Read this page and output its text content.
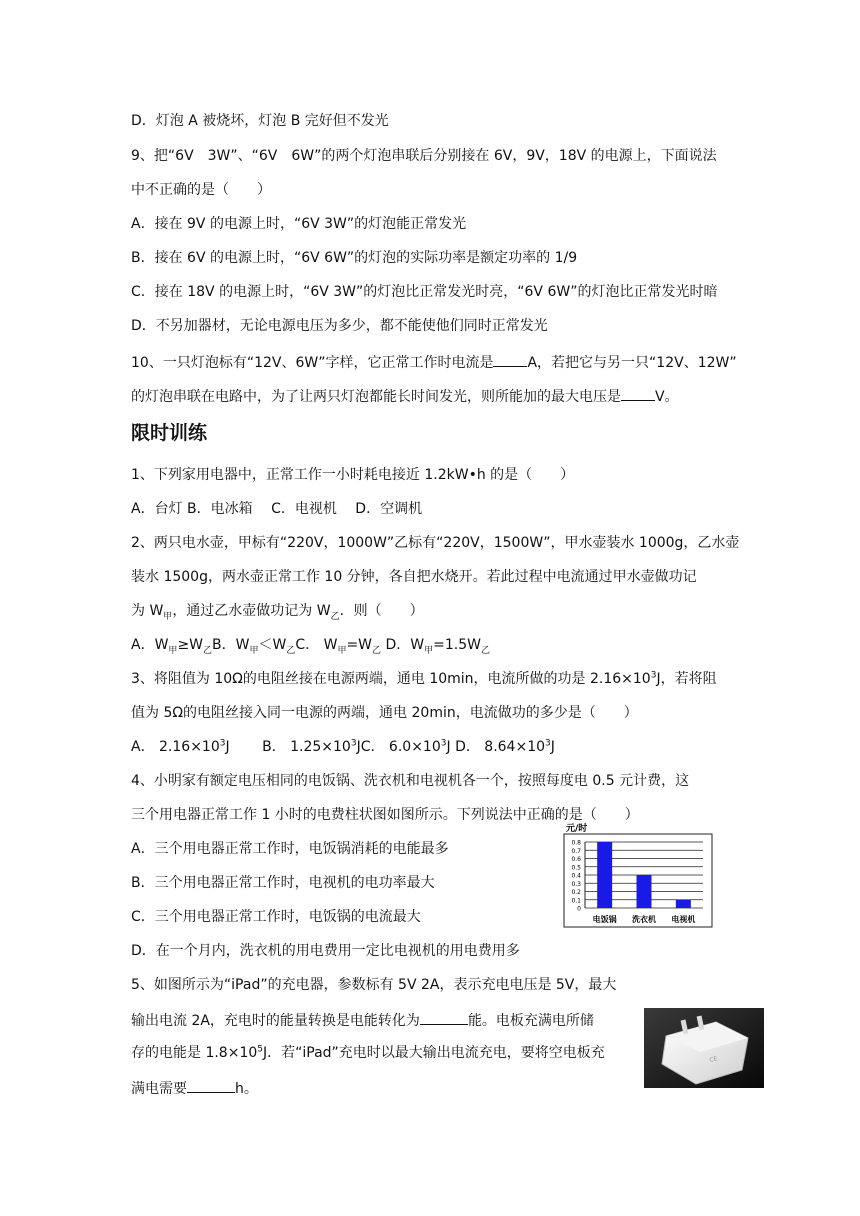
D．灯泡 A 被烧坏，灯泡 B 完好但不发光
9、把“6V　3W”、“6V　6W”的两个灯泡串联后分别接在 6V，9V，18V 的电源上，下面说法
中不正确的是（　　）
A．接在 9V 的电源上时，“6V 3W”的灯泡能正常发光
B．接在 6V 的电源上时，“6V 6W”的灯泡的实际功率是额定功率的 1/9
C．接在 18V 的电源上时，“6V 3W”的灯泡比正常发光时亮，“6V 6W”的灯泡比正常发光时暗
D．不另加器材，无论电源电压为多少，都不能使他们同时正常发光
10、一只灯泡标有“12V、6W”字样，它正常工作时电流是 A，若把它与另一只“12V、12W”
的灯泡串联在电路中，为了让两只灯泡都能长时间发光，则所能加的最大电压是 V。
限时训练
1、下列家用电器中，正常工作一小时耗电接近 1.2kW•h 的是（　　）
A．台灯 B．电冰箱　 C．电视机　 D．空调机
2、两只电水壶，甲标有“220V，1000W”乙标有“220V，1500W”，甲水壶装水 1000g，乙水壶
装水 1500g，两水壶正常工作 10 分钟，各自把水烧开。若此过程中电流通过甲水壶做功记
为 $W_甲$，通过乙水壶做功记为 $W_乙$．则（　　）
A．$W_甲\ge W_乙B$．$W_甲<W_乙C$． $W_甲=W_乙$ D．$W_甲=1.5W_乙$
3、将阻值为 10Ω的电阻丝接在电源两端，通电 10min，电流所做的功是 $2.16\times 10^3J$，若将阻
值为 5Ω的电阻丝接入同一电源的两端，通电 20min，电流做功的多少是（　　）
A． $2.16\times 10^3J$　　 B． $1.25\times 10^3JC$． $6.0\times 10^3J$ D． $8.64\times 10^3J$
4、小明家有额定电压相同的电饭锅、洗衣机和电视机各一个，按照每度电 0.5 元计费，这
三个用电器正常工作 1 小时的电费柱状图如图所示。下列说法中正确的是（　　）
A．三个用电器正常工作时，电饭锅消耗的电能最多
B．三个用电器正常工作时，电视机的电功率最大
C．三个用电器正常工作时，电饭锅的电流最大
D．在一个月内，洗衣机的用电费用一定比电视机的用电费用多
元/时
0
0.1
0.2
0.3
0.4
0.5
0.6
0.7
0.8
电饭锅 洗衣机 电视机
5、如图所示为“iPad”的充电器，参数标有 5V 2A，表示充电电压是 5V，最大
输出电流 2A，充电时的能量转换是电能转化为	能。电板充满电所储
存的电能是 $1.8\times 10^5J$．若“iPad”充电时以最大输出电流充电，要将空电板充
满电需要	h。
CE
